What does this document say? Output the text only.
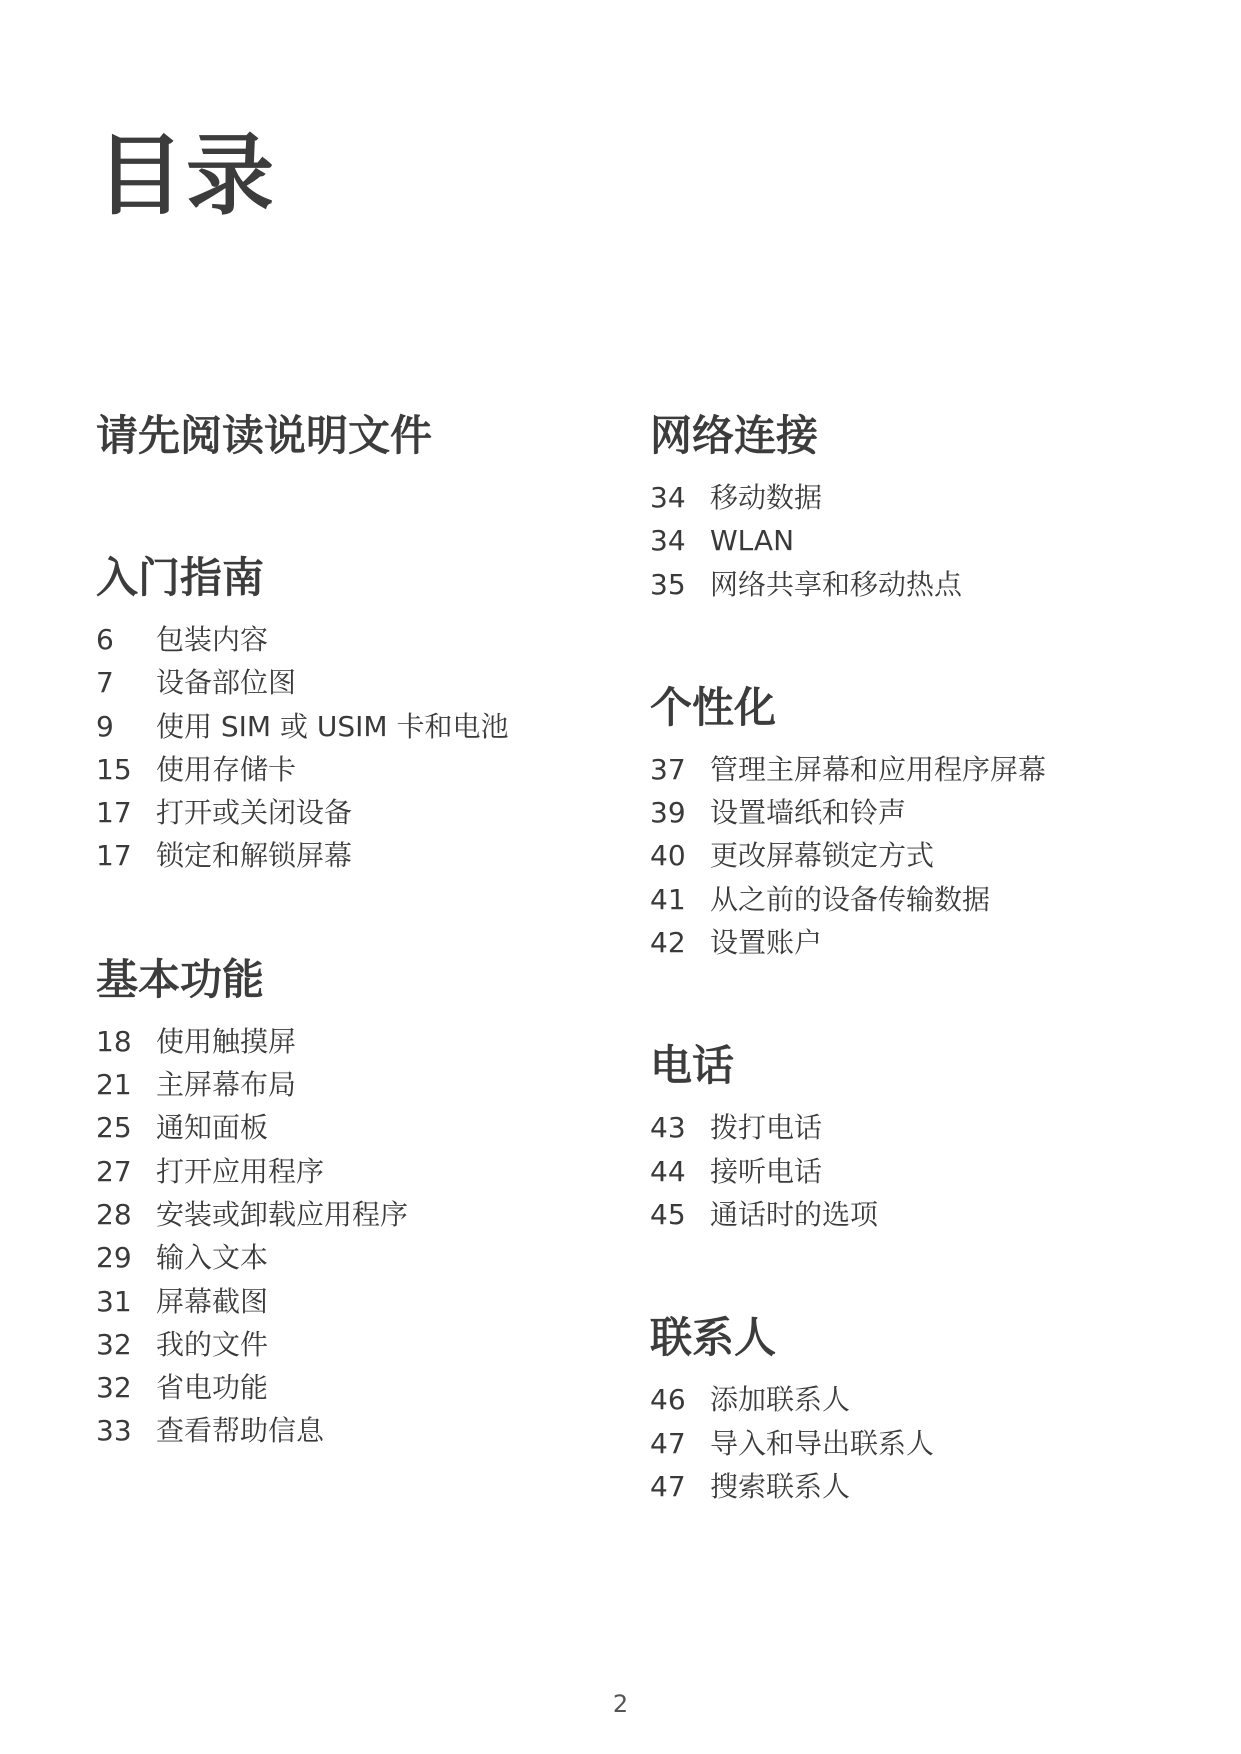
目录
请先阅读说明文件
入门指南
6	包装内容
7	设备部位图
9	使用 SIM 或 USIM 卡和电池
15 使用存储卡
17 打开或关闭设备
17 锁定和解锁屏幕
基本功能
18 使用触摸屏
21 主屏幕布局
25 通知面板
27 打开应用程序
28 安装或卸载应用程序
29 输入文本
31 屏幕截图
32 我的文件
32 省电功能
33 查看帮助信息
网络连接
34 移动数据
34 WLAN
35 网络共享和移动热点
个性化
37 管理主屏幕和应用程序屏幕
39 设置墙纸和铃声
40 更改屏幕锁定方式
41 从之前的设备传输数据
42 设置账户
电话
43 拨打电话
44 接听电话
45 通话时的选项
联系人
46 添加联系人
47 导入和导出联系人
47 搜索联系人
2
